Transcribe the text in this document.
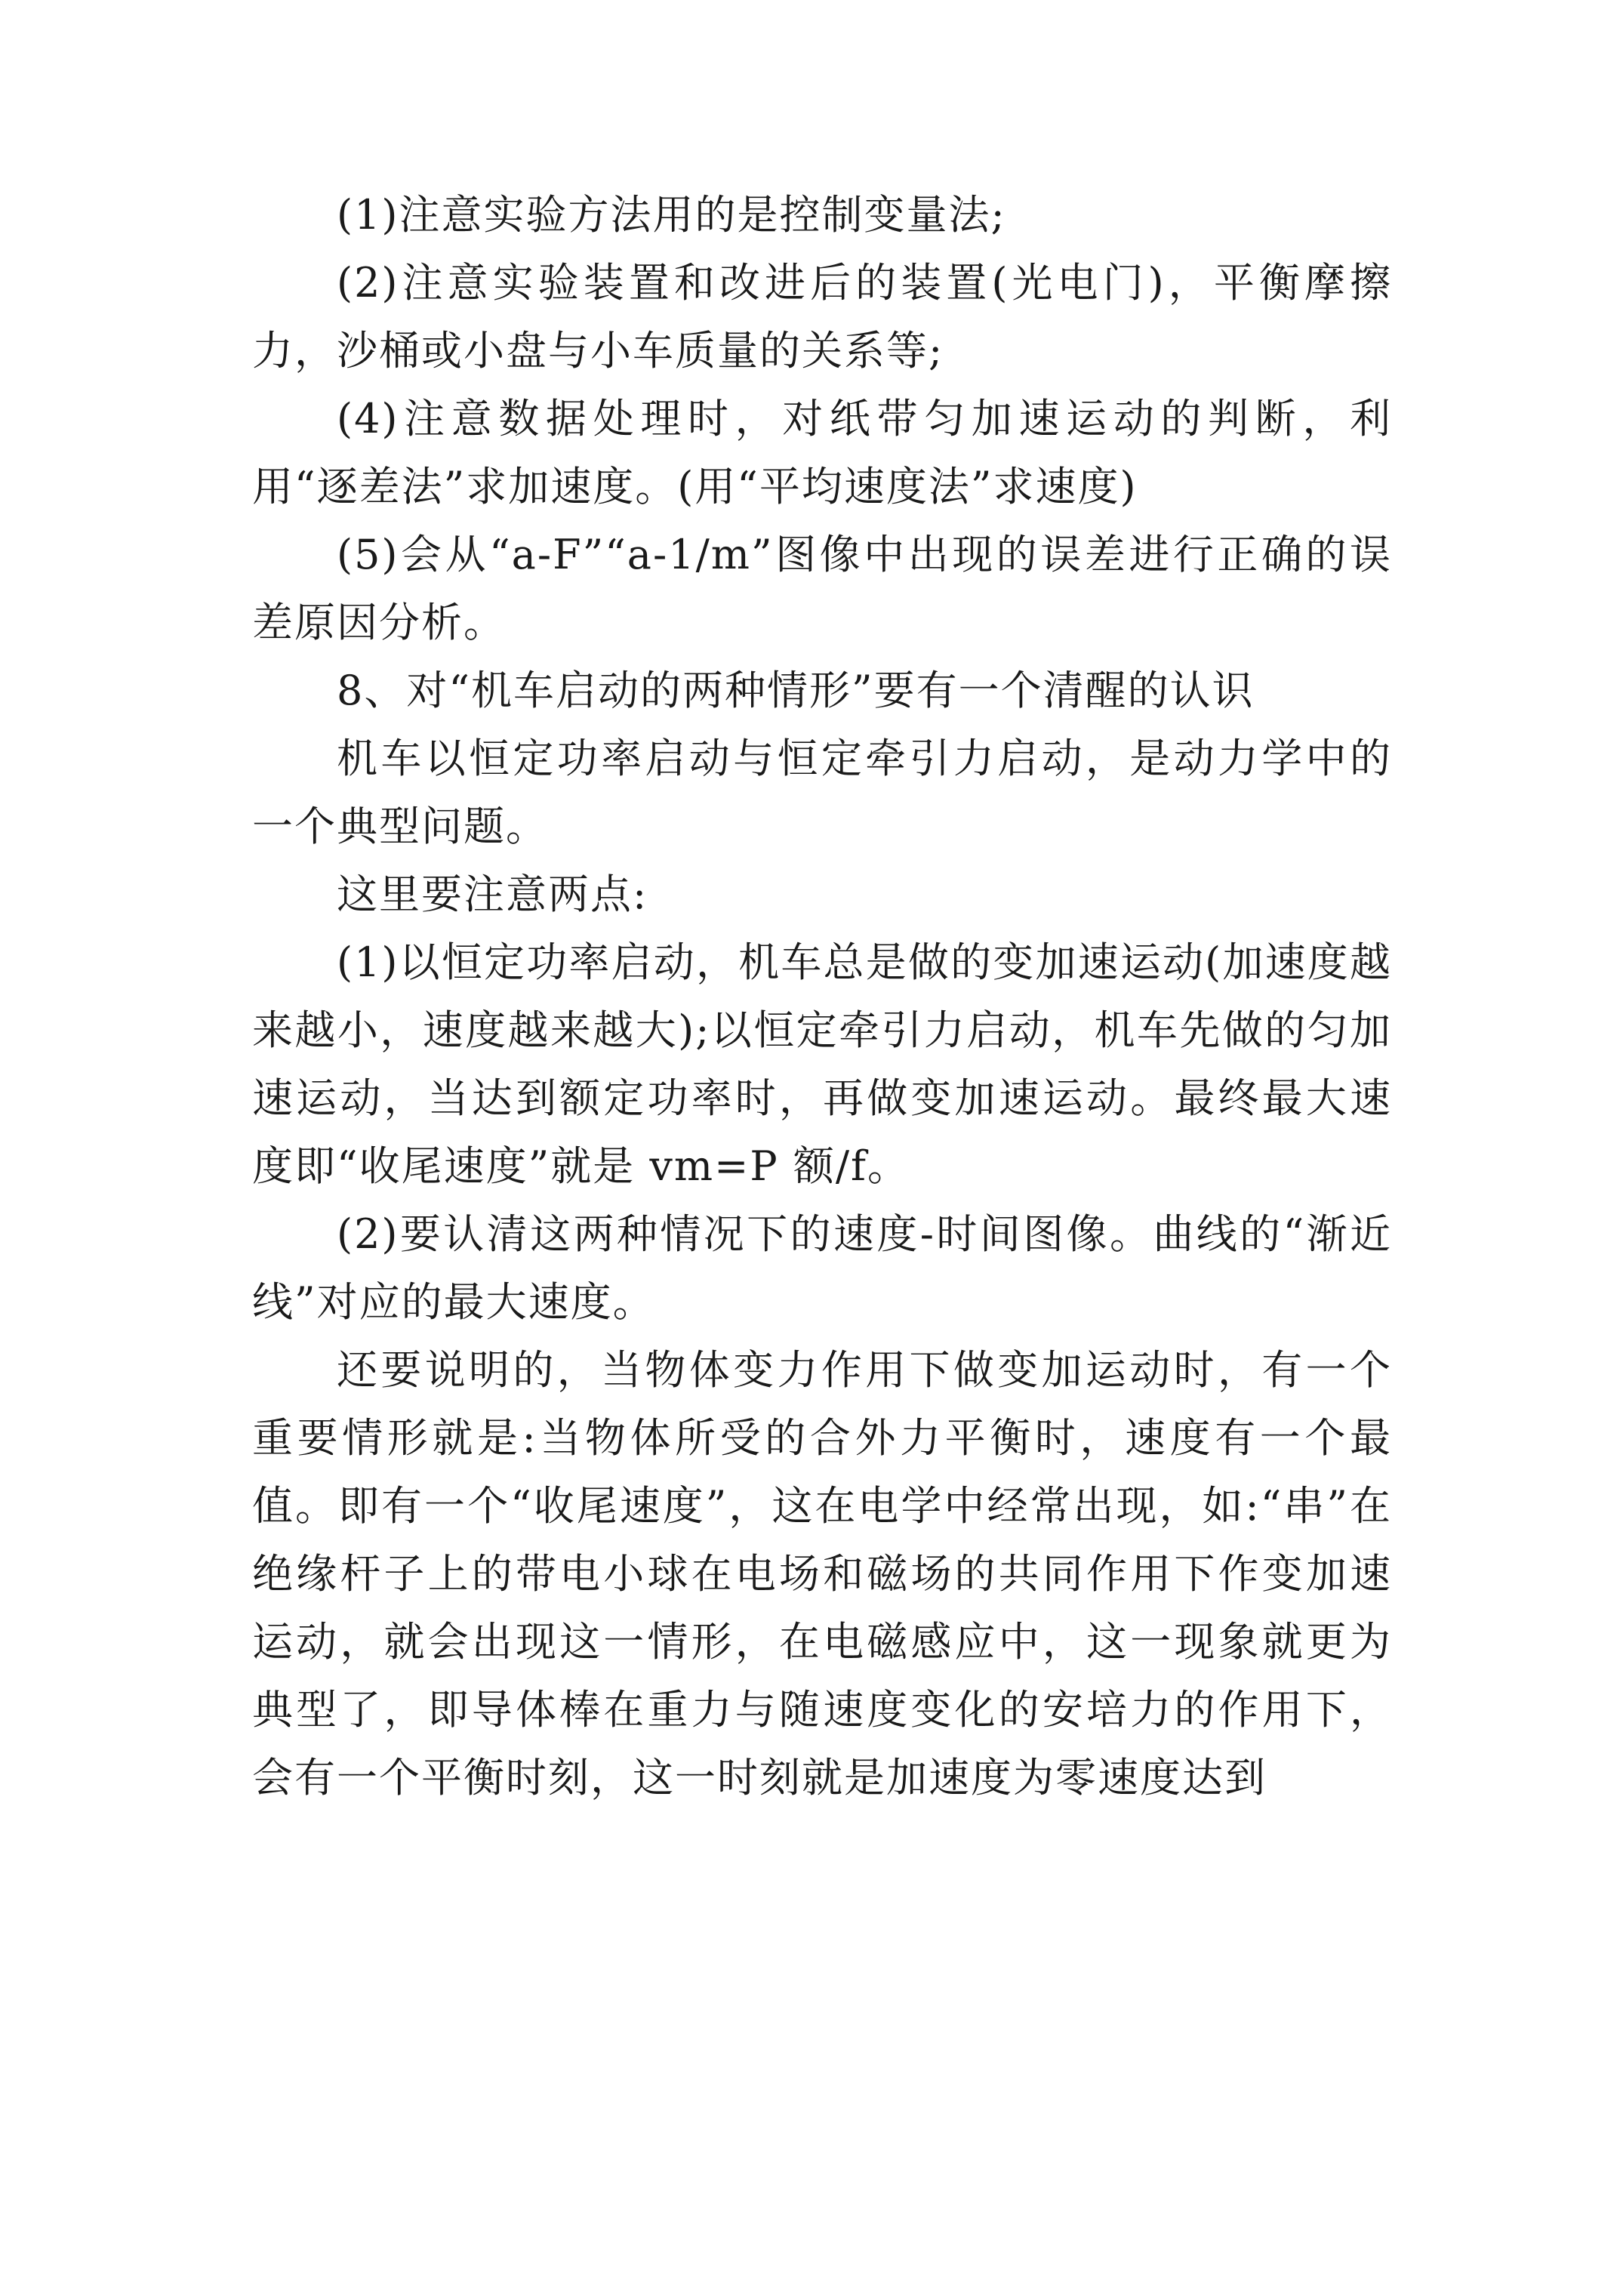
(1)注意实验方法用的是控制变量法;

(2)注意实验装置和改进后的装置(光电门)，平衡摩擦力，沙桶或小盘与小车质量的关系等;

(4)注意数据处理时，对纸带匀加速运动的判断，利用“逐差法”求加速度。(用“平均速度法”求速度)

(5)会从“a-F”“a-1/m”图像中出现的误差进行正确的误差原因分析。

8、对“机车启动的两种情形”要有一个清醒的认识

机车以恒定功率启动与恒定牵引力启动，是动力学中的一个典型问题。

这里要注意两点:

(1)以恒定功率启动，机车总是做的变加速运动(加速度越来越小，速度越来越大);以恒定牵引力启动，机车先做的匀加速运动，当达到额定功率时，再做变加速运动。最终最大速度即“收尾速度”就是 vm=P 额/f。

(2)要认清这两种情况下的速度-时间图像。曲线的“渐近线”对应的最大速度。

还要说明的，当物体变力作用下做变加运动时，有一个重要情形就是:当物体所受的合外力平衡时，速度有一个最值。即有一个“收尾速度”，这在电学中经常出现，如:“串”在绝缘杆子上的带电小球在电场和磁场的共同作用下作变加速运动，就会出现这一情形，在电磁感应中，这一现象就更为典型了，即导体棒在重力与随速度变化的安培力的作用下，会有一个平衡时刻，这一时刻就是加速度为零速度达到
